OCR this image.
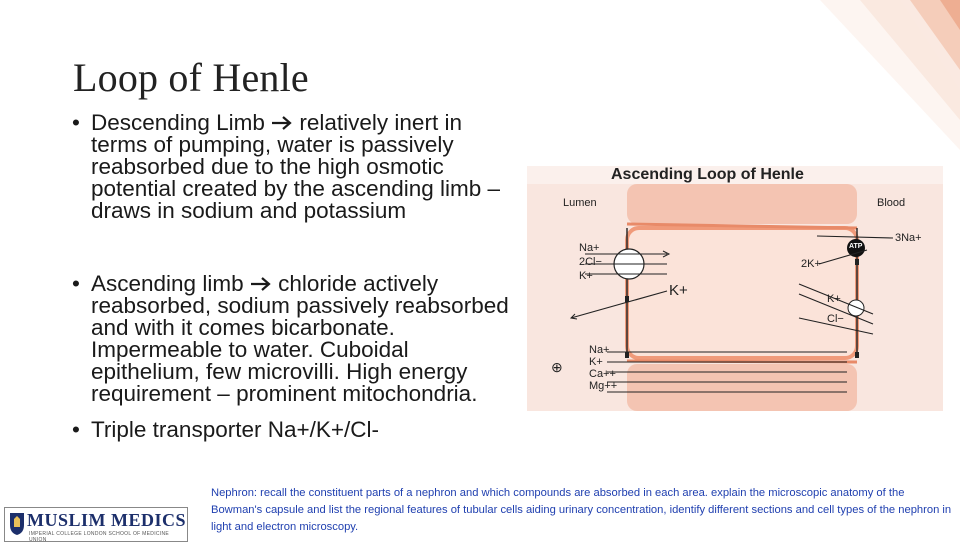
Loop of Henle
• Descending Limb relatively inert in terms of pumping, water is passively reabsorbed due to the high osmotic potential created by the ascending limb – draws in sodium and potassium
• Ascending limb chloride actively reabsorbed, sodium passively reabsorbed and with it comes bicarbonate. Impermeable to water. Cuboidal epithelium, few microvilli. High energy requirement – prominent mitochondria.
• Triple transporter Na+/K+/Cl-
Ascending Loop of Henle
Lumen	Blood
Na+
2Cl−
K+
K+
3Na+
2K+
ATP
K+
Cl−
Na+
K+
Ca++
Mg++
⊕
Nephron: recall the constituent parts of a nephron and which compounds are absorbed in each area. explain the microscopic anatomy of the Bowman's capsule and list the regional features of tubular cells aiding urinary concentration, identify different sections and cell types of the nephron in light and electron microscopy.
MUSLIM MEDICS
IMPERIAL COLLEGE LONDON SCHOOL OF MEDICINE UNION
